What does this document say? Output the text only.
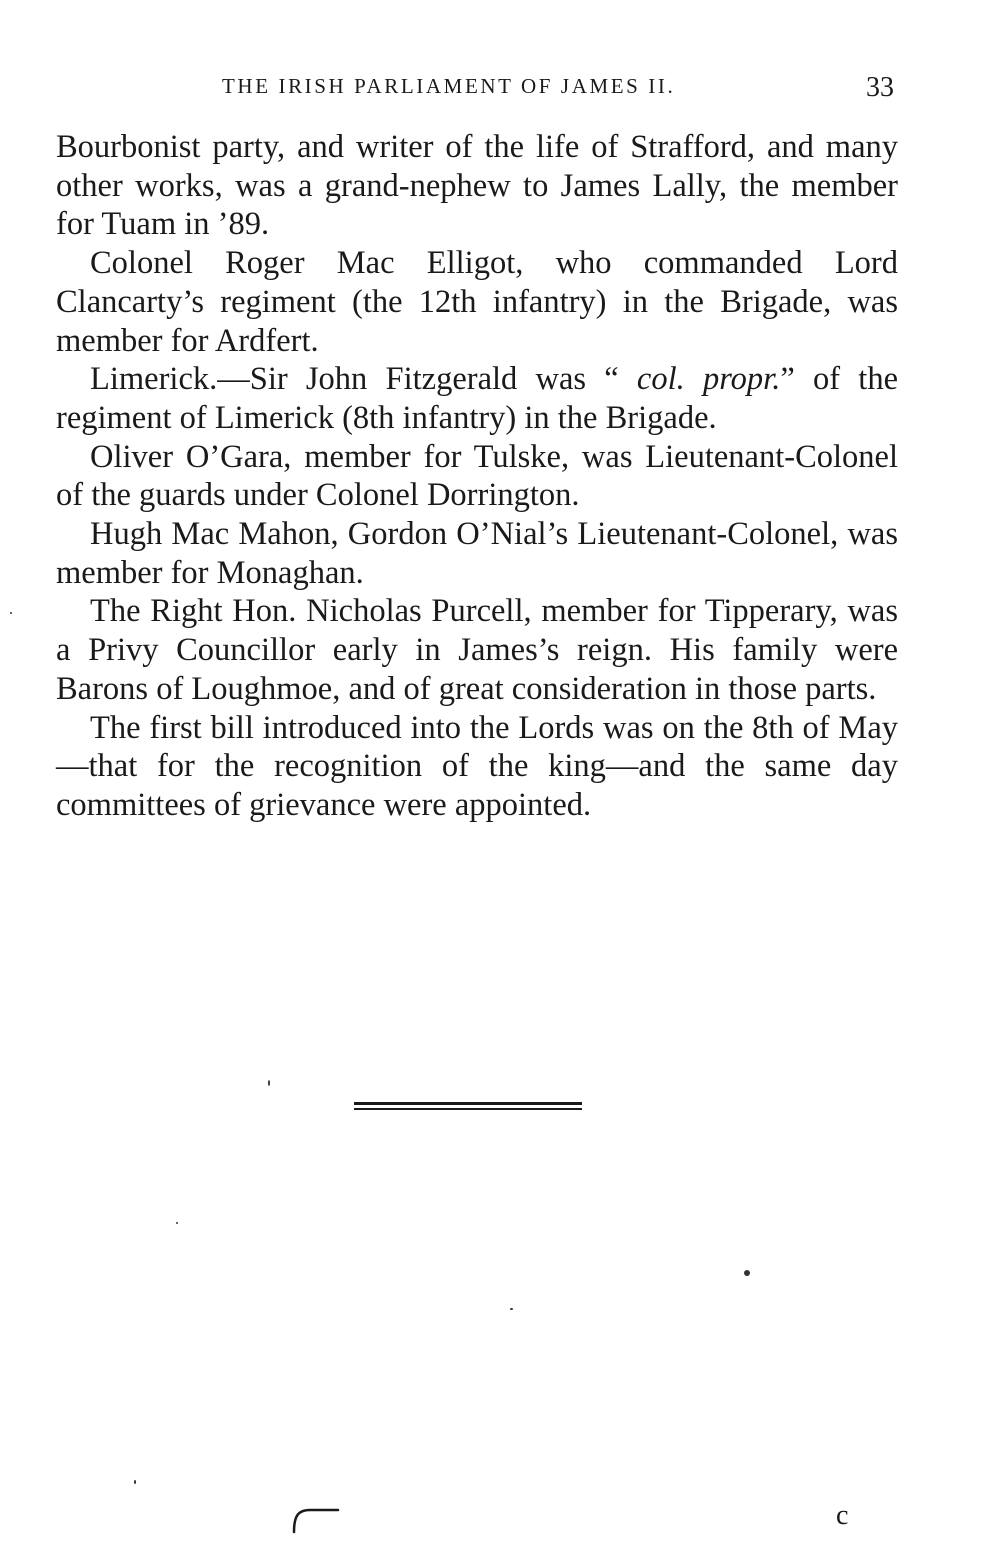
THE IRISH PARLIAMENT OF JAMES II.	33

Bourbonist party, and writer of the life of Strafford, and many other works, was a grand-nephew to James Lally, the member for Tuam in ’89.

Colonel Roger Mac Elligot, who commanded Lord Clancarty’s regiment (the 12th infantry) in the Brigade, was member for Ardfert.

Limerick.—Sir John Fitzgerald was “ col. propr.” of the regiment of Limerick (8th infantry) in the Brigade.

Oliver O’Gara, member for Tulske, was Lieutenant-Colonel of the guards under Colonel Dorrington.

Hugh Mac Mahon, Gordon O’Nial’s Lieutenant-Colonel, was member for Monaghan.

The Right Hon. Nicholas Purcell, member for Tipperary, was a Privy Councillor early in James’s reign. His family were Barons of Loughmoe, and of great consideration in those parts.

The first bill introduced into the Lords was on the 8th of May—that for the recognition of the king—and the same day committees of grievance were appointed.

c
